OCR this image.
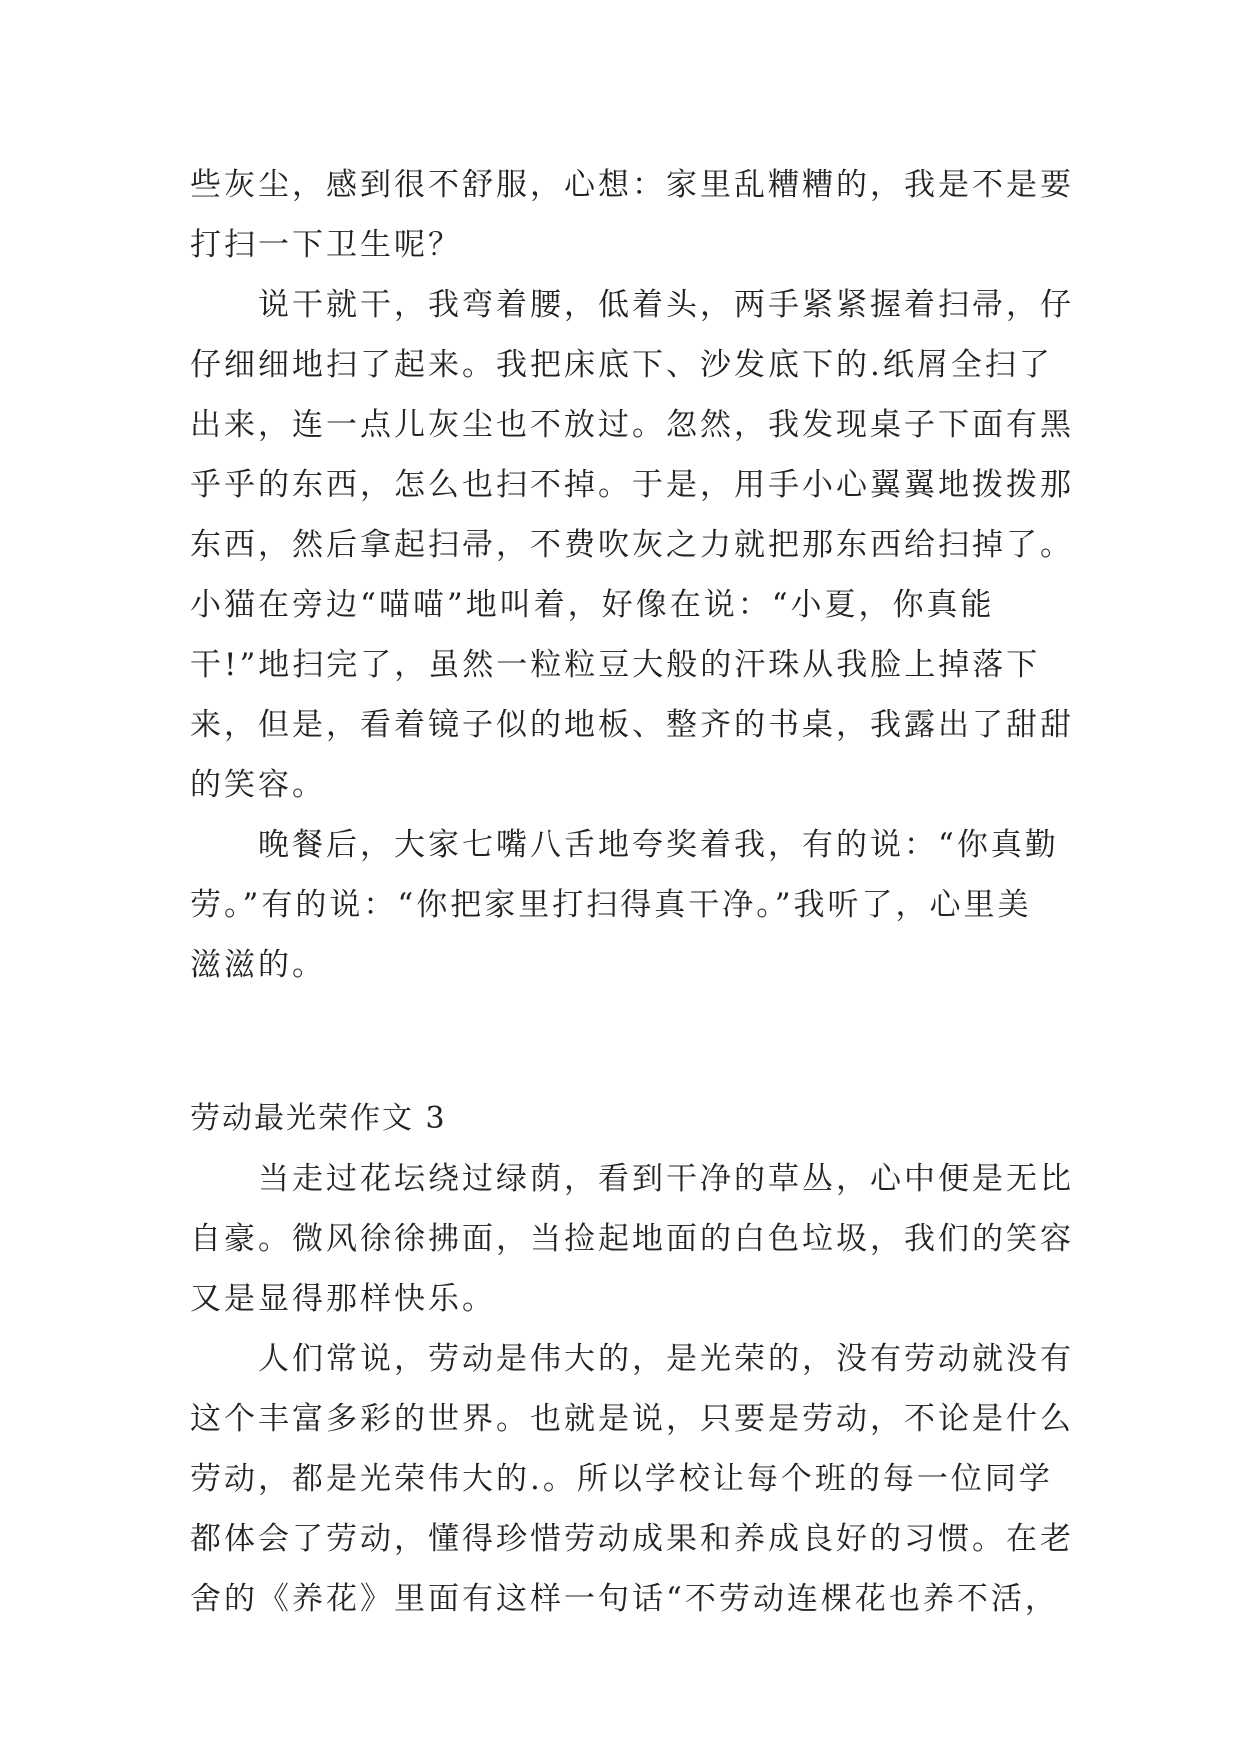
些灰尘，感到很不舒服，心想：家里乱糟糟的，我是不是要
打扫一下卫生呢？
说干就干，我弯着腰，低着头，两手紧紧握着扫帚，仔
仔细细地扫了起来。我把床底下、沙发底下的.纸屑全扫了
出来，连一点儿灰尘也不放过。忽然，我发现桌子下面有黑
乎乎的东西，怎么也扫不掉。于是，用手小心翼翼地拨拨那
东西，然后拿起扫帚，不费吹灰之力就把那东西给扫掉了。
小猫在旁边“喵喵”地叫着，好像在说：“小夏，你真能
干!”地扫完了，虽然一粒粒豆大般的汗珠从我脸上掉落下
来，但是，看着镜子似的地板、整齐的书桌，我露出了甜甜
的笑容。
晚餐后，大家七嘴八舌地夸奖着我，有的说：“你真勤
劳。”有的说：“你把家里打扫得真干净。”我听了，心里美
滋滋的。
劳动最光荣作文 3
当走过花坛绕过绿荫，看到干净的草丛，心中便是无比
自豪。微风徐徐拂面，当捡起地面的白色垃圾，我们的笑容
又是显得那样快乐。
人们常说，劳动是伟大的，是光荣的，没有劳动就没有
这个丰富多彩的世界。也就是说，只要是劳动，不论是什么
劳动，都是光荣伟大的.。所以学校让每个班的每一位同学
都体会了劳动，懂得珍惜劳动成果和养成良好的习惯。在老
舍的《养花》里面有这样一句话“不劳动连棵花也养不活，
